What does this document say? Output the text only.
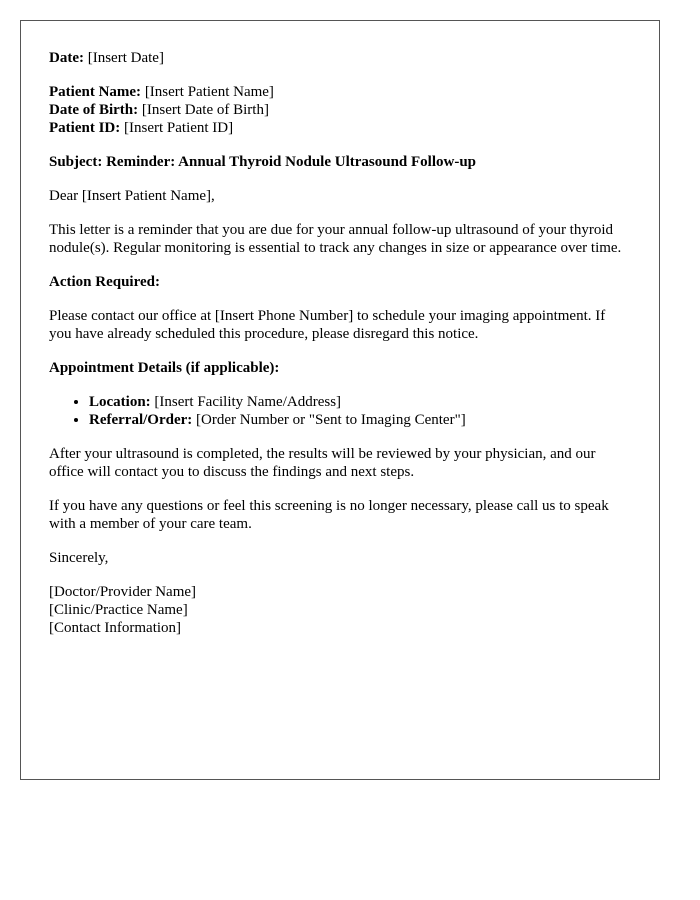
Date: [Insert Date]

Patient Name: [Insert Patient Name]
Date of Birth: [Insert Date of Birth]
Patient ID: [Insert Patient ID]

Subject: Reminder: Annual Thyroid Nodule Ultrasound Follow-up

Dear [Insert Patient Name],

This letter is a reminder that you are due for your annual follow-up ultrasound of your thyroid nodule(s). Regular monitoring is essential to track any changes in size or appearance over time.

Action Required:

Please contact our office at [Insert Phone Number] to schedule your imaging appointment. If you have already scheduled this procedure, please disregard this notice.

Appointment Details (if applicable):

• Location: [Insert Facility Name/Address]
• Referral/Order: [Order Number or "Sent to Imaging Center"]

After your ultrasound is completed, the results will be reviewed by your physician, and our office will contact you to discuss the findings and next steps.

If you have any questions or feel this screening is no longer necessary, please call us to speak with a member of your care team.

Sincerely,

[Doctor/Provider Name]
[Clinic/Practice Name]
[Contact Information]
